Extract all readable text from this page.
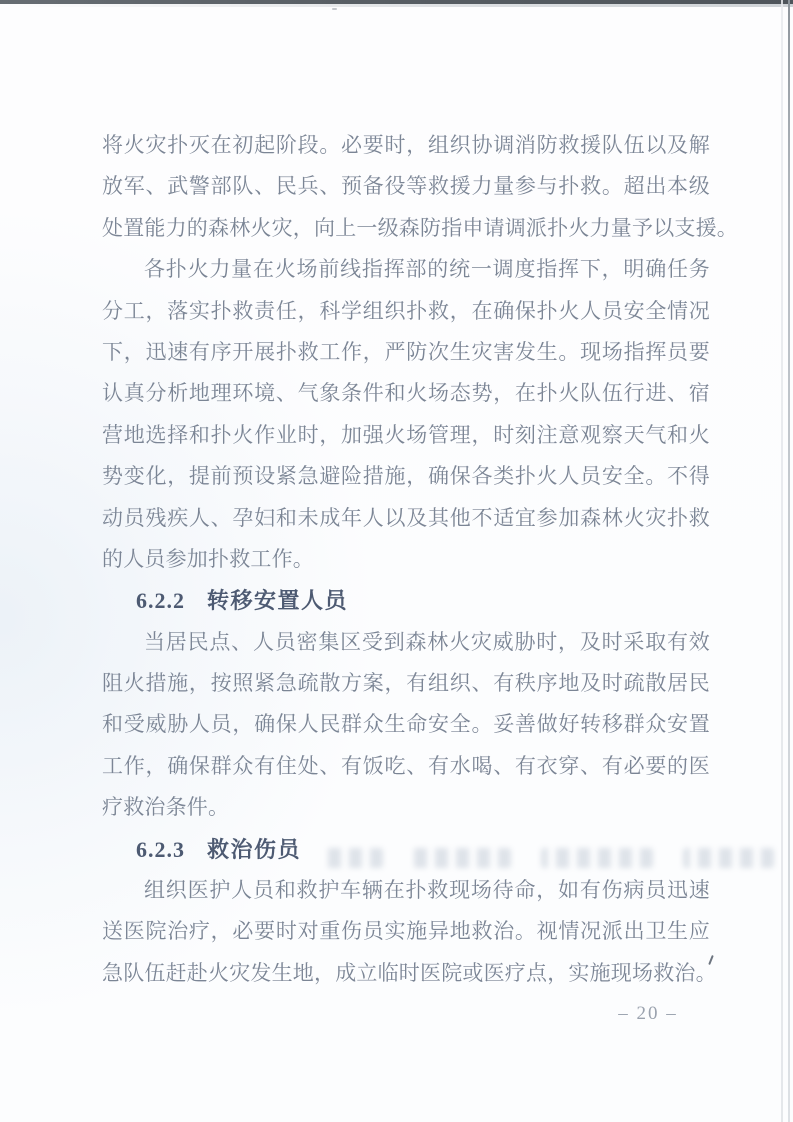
将火灾扑灭在初起阶段。必要时，组织协调消防救援队伍以及解
放军、武警部队、民兵、预备役等救援力量参与扑救。超出本级
处置能力的森林火灾，向上一级森防指申请调派扑火力量予以支援。
各扑火力量在火场前线指挥部的统一调度指挥下，明确任务
分工，落实扑救责任，科学组织扑救，在确保扑火人员安全情况
下，迅速有序开展扑救工作，严防次生灾害发生。现场指挥员要
认真分析地理环境、气象条件和火场态势，在扑火队伍行进、宿
营地选择和扑火作业时，加强火场管理，时刻注意观察天气和火
势变化，提前预设紧急避险措施，确保各类扑火人员安全。不得
动员残疾人、孕妇和未成年人以及其他不适宜参加森林火灾扑救
的人员参加扑救工作。
6.2.2 转移安置人员
当居民点、人员密集区受到森林火灾威胁时，及时采取有效
阻火措施，按照紧急疏散方案，有组织、有秩序地及时疏散居民
和受威胁人员，确保人民群众生命安全。妥善做好转移群众安置
工作，确保群众有住处、有饭吃、有水喝、有衣穿、有必要的医
疗救治条件。
6.2.3 救治伤员
组织医护人员和救护车辆在扑救现场待命，如有伤病员迅速
送医院治疗，必要时对重伤员实施异地救治。视情况派出卫生应
急队伍赶赴火灾发生地，成立临时医院或医疗点，实施现场救治。
– 20 –
